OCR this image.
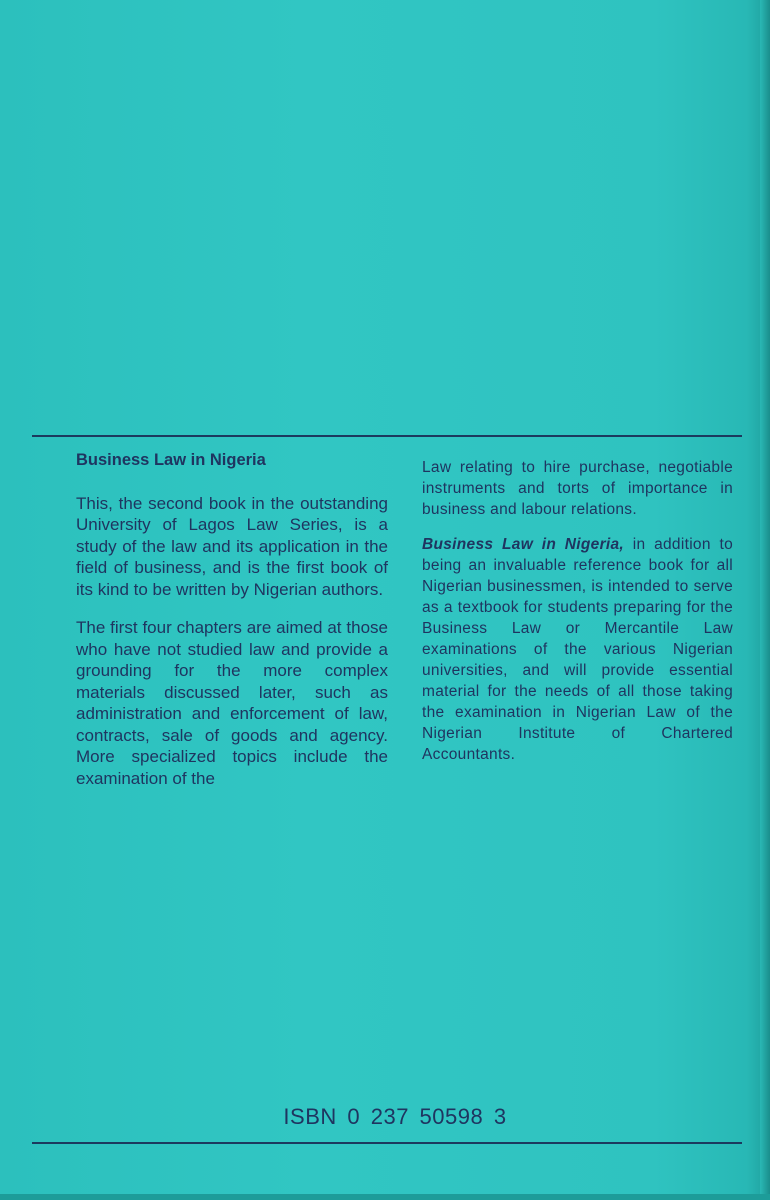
Business Law in Nigeria

This, the second book in the outstanding University of Lagos Law Series, is a study of the law and its application in the field of business, and is the first book of its kind to be written by Nigerian authors.

The first four chapters are aimed at those who have not studied law and provide a grounding for the more complex materials discussed later, such as administration and enforcement of law, contracts, sale of goods and agency. More specialized topics include the examination of the

Law relating to hire purchase, negotiable instruments and torts of importance in business and labour relations.

Business Law in Nigeria, in addition to being an invaluable reference book for all Nigerian businessmen, is intended to serve as a textbook for students preparing for the Business Law or Mercantile Law examinations of the various Nigerian universities, and will provide essential material for the needs of all those taking the examination in Nigerian Law of the Nigerian Institute of Chartered Accountants.

ISBN 0 237 50598 3
